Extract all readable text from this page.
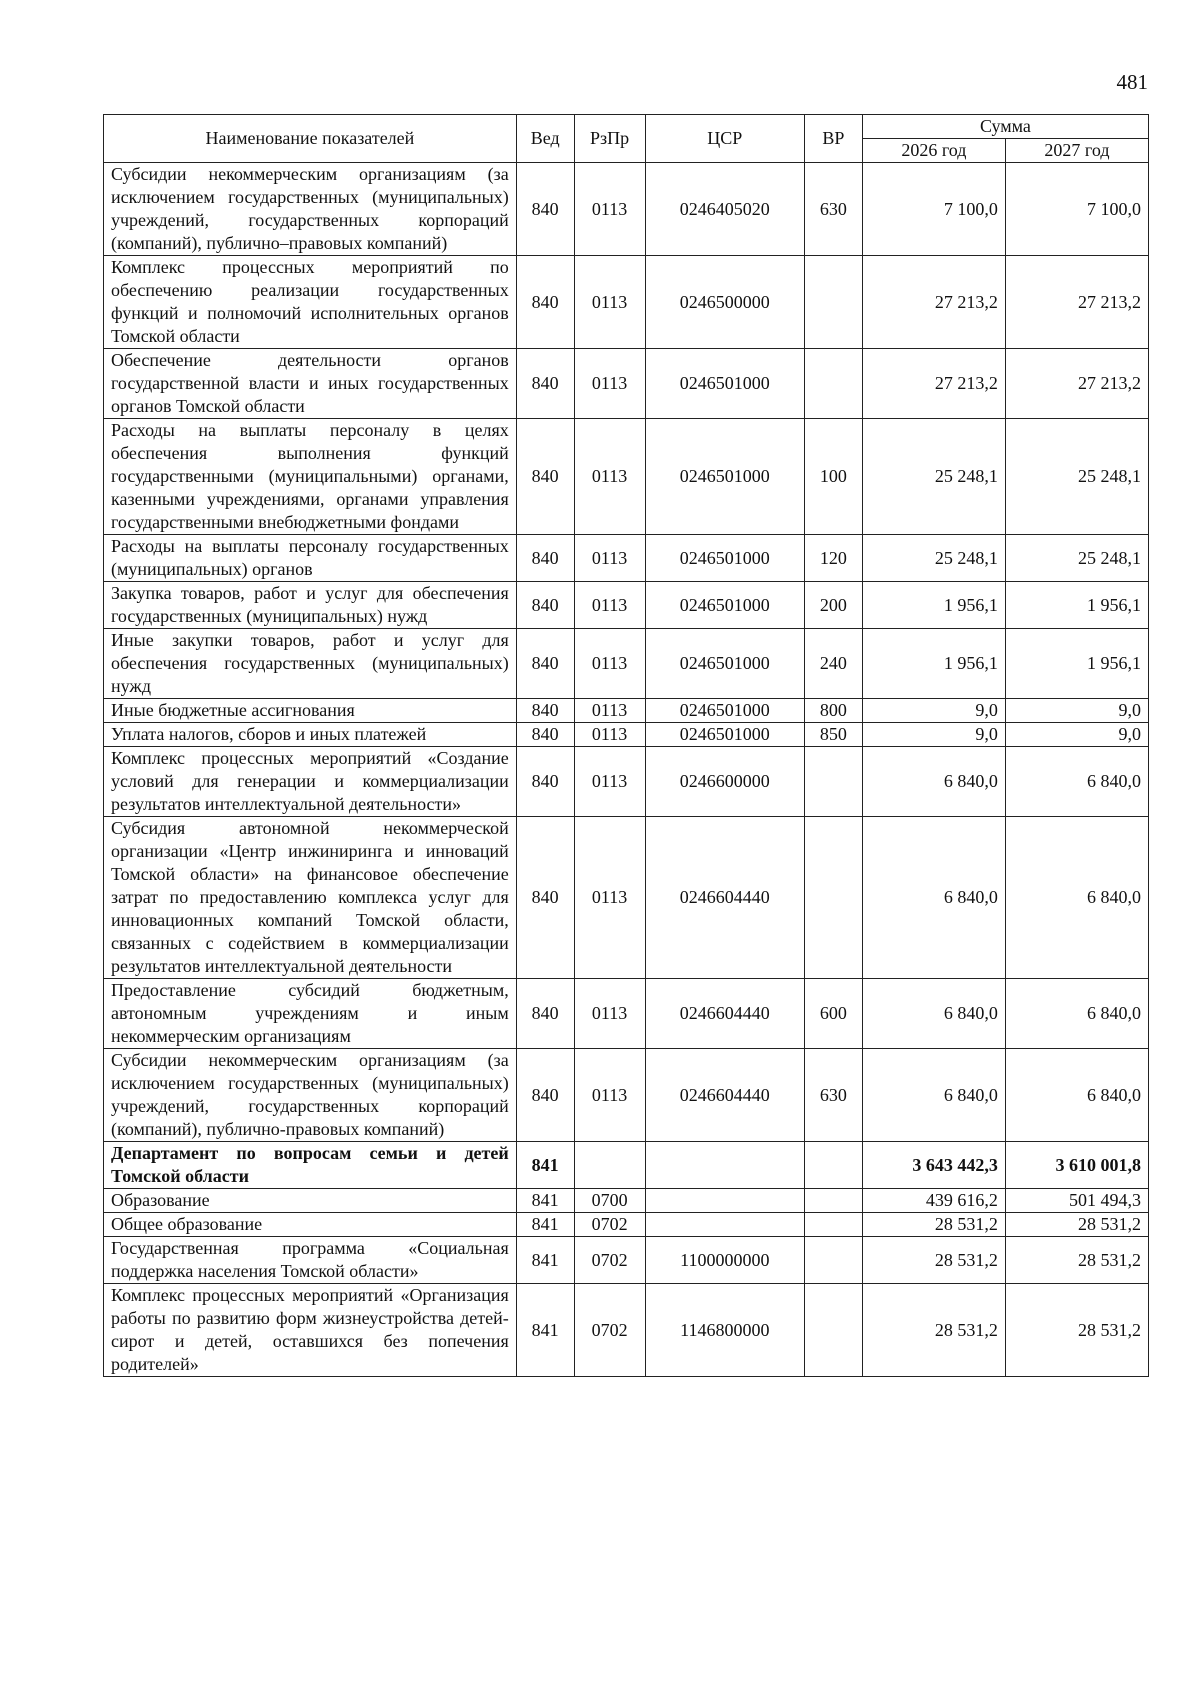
481
Наименование показателей	Вед	РзПр	ЦСР	ВР	Сумма	
					2026 год	2027 год
Субсидии некоммерческим организациям (за исключением государственных (муниципальных) учреждений, государственных корпораций (компаний), публично–правовых компаний)	840	0113	0246405020	630	7 100,0	7 100,0
Комплекс процессных мероприятий по обеспечению реализации государственных функций и полномочий исполнительных органов Томской области	840	0113	0246500000		27 213,2	27 213,2
Обеспечение деятельности органов государственной власти и иных государственных органов Томской области	840	0113	0246501000		27 213,2	27 213,2
Расходы на выплаты персоналу в целях обеспечения выполнения функций государственными (муниципальными) органами, казенными учреждениями, органами управления государственными внебюджетными фондами	840	0113	0246501000	100	25 248,1	25 248,1
Расходы на выплаты персоналу государственных (муниципальных) органов	840	0113	0246501000	120	25 248,1	25 248,1
Закупка товаров, работ и услуг для обеспечения государственных (муниципальных) нужд	840	0113	0246501000	200	1 956,1	1 956,1
Иные закупки товаров, работ и услуг для обеспечения государственных (муниципальных) нужд	840	0113	0246501000	240	1 956,1	1 956,1
Иные бюджетные ассигнования	840	0113	0246501000	800	9,0	9,0
Уплата налогов, сборов и иных платежей	840	0113	0246501000	850	9,0	9,0
Комплекс процессных мероприятий «Создание условий для генерации и коммерциализации результатов интеллектуальной деятельности»	840	0113	0246600000		6 840,0	6 840,0
Субсидия автономной некоммерческой организации «Центр инжиниринга и инноваций Томской области» на финансовое обеспечение затрат по предоставлению комплекса услуг для инновационных компаний Томской области, связанных с содействием в коммерциализации результатов интеллектуальной деятельности	840	0113	0246604440		6 840,0	6 840,0
Предоставление субсидий бюджетным, автономным учреждениям и иным некоммерческим организациям	840	0113	0246604440	600	6 840,0	6 840,0
Субсидии некоммерческим организациям (за исключением государственных (муниципальных) учреждений, государственных корпораций (компаний), публично-правовых компаний)	840	0113	0246604440	630	6 840,0	6 840,0
Департамент по вопросам семьи и детей Томской области	841				3 643 442,3	3 610 001,8
Образование	841	0700			439 616,2	501 494,3
Общее образование	841	0702			28 531,2	28 531,2
Государственная программа «Социальная поддержка населения Томской области»	841	0702	1100000000		28 531,2	28 531,2
Комплекс процессных мероприятий «Организация работы по развитию форм жизнеустройства детей-сирот и детей, оставшихся без попечения родителей»	841	0702	1146800000		28 531,2	28 531,2
